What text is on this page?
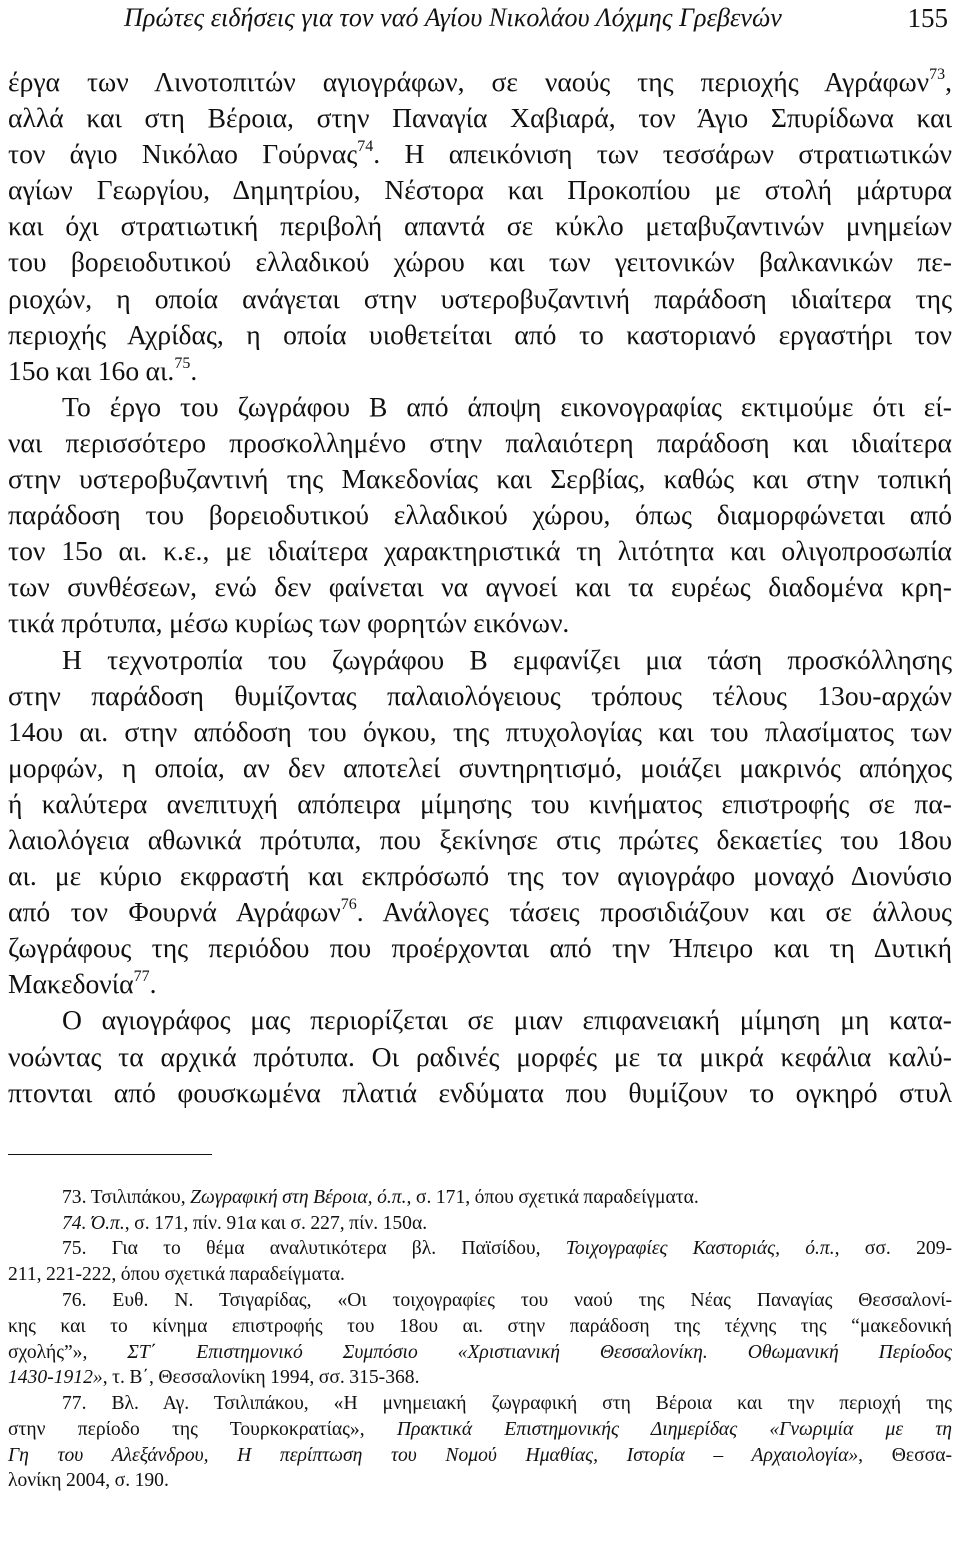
Πρώτες ειδήσεις για τον ναό Αγίου Νικολάου Λόχμης Γρεβενών	155

έργα των Λινοτοπιτών αγιογράφων, σε ναούς της περιοχής Αγράφων$^{73}$,
αλλά και στη Βέροια, στην Παναγία Χαβιαρά, τον Άγιο Σπυρίδωνα και
τον άγιο Νικόλαο Γούρνας$^{74}$. Η απεικόνιση των τεσσάρων στρατιωτικών
αγίων Γεωργίου, Δημητρίου, Νέστορα και Προκοπίου με στολή μάρτυρα
και όχι στρατιωτική περιβολή απαντά σε κύκλο μεταβυζαντινών μνημείων
του βορειοδυτικού ελλαδικού χώρου και των γειτονικών βαλκανικών πε-
ριοχών, η οποία ανάγεται στην υστεροβυζαντινή παράδοση ιδιαίτερα της
περιοχής Αχρίδας, η οποία υιοθετείται από το καστοριανό εργαστήρι τον
15ο και 16ο αι.$^{75}$.

Το έργο του ζωγράφου Β από άποψη εικονογραφίας εκτιμούμε ότι εί-
ναι περισσότερο προσκολλημένο στην παλαιότερη παράδοση και ιδιαίτερα
στην υστεροβυζαντινή της Μακεδονίας και Σερβίας, καθώς και στην τοπική
παράδοση του βορειοδυτικού ελλαδικού χώρου, όπως διαμορφώνεται από
τον 15ο αι. κ.ε., με ιδιαίτερα χαρακτηριστικά τη λιτότητα και ολιγοπροσωπία
των συνθέσεων, ενώ δεν φαίνεται να αγνοεί και τα ευρέως διαδομένα κρη-
τικά πρότυπα, μέσω κυρίως των φορητών εικόνων.

Η τεχνοτροπία του ζωγράφου Β εμφανίζει μια τάση προσκόλλησης
στην παράδοση θυμίζοντας παλαιολόγειους τρόπους τέλους 13ου-αρχών
14ου αι. στην απόδοση του όγκου, της πτυχολογίας και του πλασίματος των
μορφών, η οποία, αν δεν αποτελεί συντηρητισμό, μοιάζει μακρινός απόηχος
ή καλύτερα ανεπιτυχή απόπειρα μίμησης του κινήματος επιστροφής σε πα-
λαιολόγεια αθωνικά πρότυπα, που ξεκίνησε στις πρώτες δεκαετίες του 18ου
αι. με κύριο εκφραστή και εκπρόσωπό της τον αγιογράφο μοναχό Διονύσιο
από τον Φουρνά Αγράφων$^{76}$. Ανάλογες τάσεις προσιδιάζουν και σε άλλους
ζωγράφους της περιόδου που προέρχονται από την Ήπειρο και τη Δυτική
Μακεδονία$^{77}$.

Ο αγιογράφος μας περιορίζεται σε μιαν επιφανειακή μίμηση μη κατα-
νοώντας τα αρχικά πρότυπα. Οι ραδινές μορφές με τα μικρά κεφάλια καλύ-
πτονται από φουσκωμένα πλατιά ενδύματα που θυμίζουν το ογκηρό στυλ

73. Τσιλιπάκου, Ζωγραφική στη Βέροια, ό.π., σ. 171, όπου σχετικά παραδείγματα.

74. Ό.π., σ. 171, πίν. 91α και σ. 227, πίν. 150α.

75. Για το θέμα αναλυτικότερα βλ. Παϊσίδου, Τοιχογραφίες Καστοριάς, ό.π., σσ. 209-
211, 221-222, όπου σχετικά παραδείγματα.

76. Ευθ. Ν. Τσιγαρίδας, «Οι τοιχογραφίες του ναού της Νέας Παναγίας Θεσσαλονί-
κης και το κίνημα επιστροφής του 18ου αι. στην παράδοση της τέχνης της “μακεδονική
σχολής”», ΣΤ΄ Επιστημονικό Συμπόσιο «Χριστιανική Θεσσαλονίκη. Οθωμανική Περίοδος
1430-1912», τ. Β΄, Θεσσαλονίκη 1994, σσ. 315-368.

77. Βλ. Αγ. Τσιλιπάκου, «Η μνημειακή ζωγραφική στη Βέροια και την περιοχή της
στην περίοδο της Τουρκοκρατίας», Πρακτικά Επιστημονικής Διημερίδας «Γνωριμία με τη
Γη του Αλεξάνδρου, Η περίπτωση του Νομού Ημαθίας, Ιστορία – Αρχαιολογία», Θεσσα-
λονίκη 2004, σ. 190.
